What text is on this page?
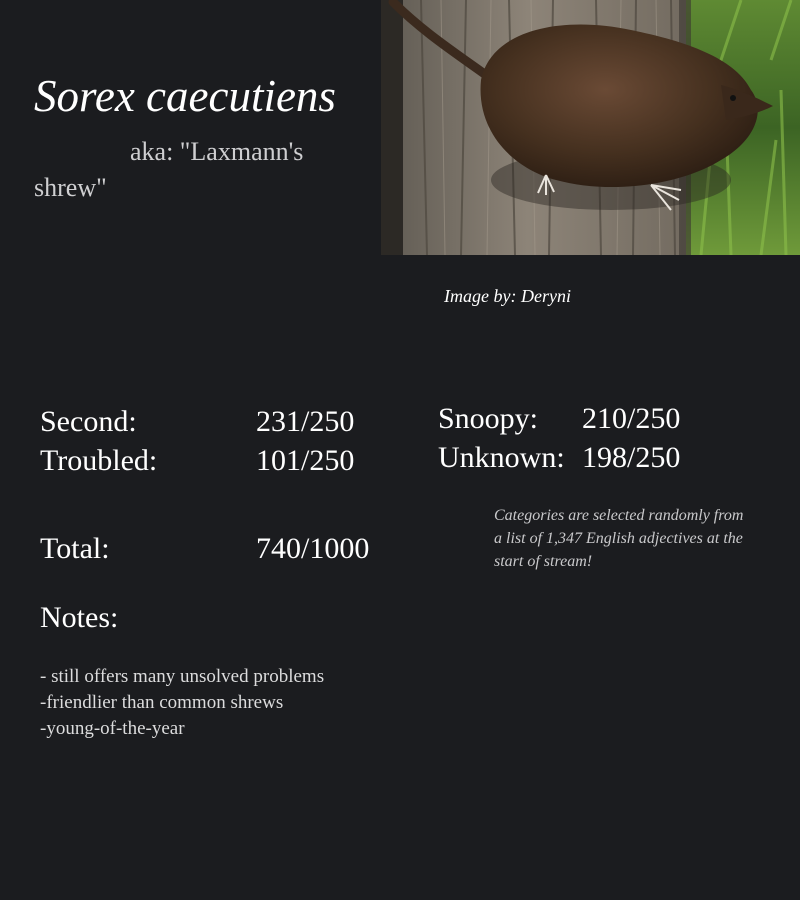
Sorex caecutiens
aka: "Laxmann's shrew"
Image by: Deryni
Second:	231/250
Troubled:	101/250
Snoopy: 210/250
Unknown: 198/250
Total:	740/1000
Categories are selected randomly from a list of 1,347 English adjectives at the start of stream!
Notes:
- still offers many unsolved problems
-friendlier than common shrews
-young-of-the-year
